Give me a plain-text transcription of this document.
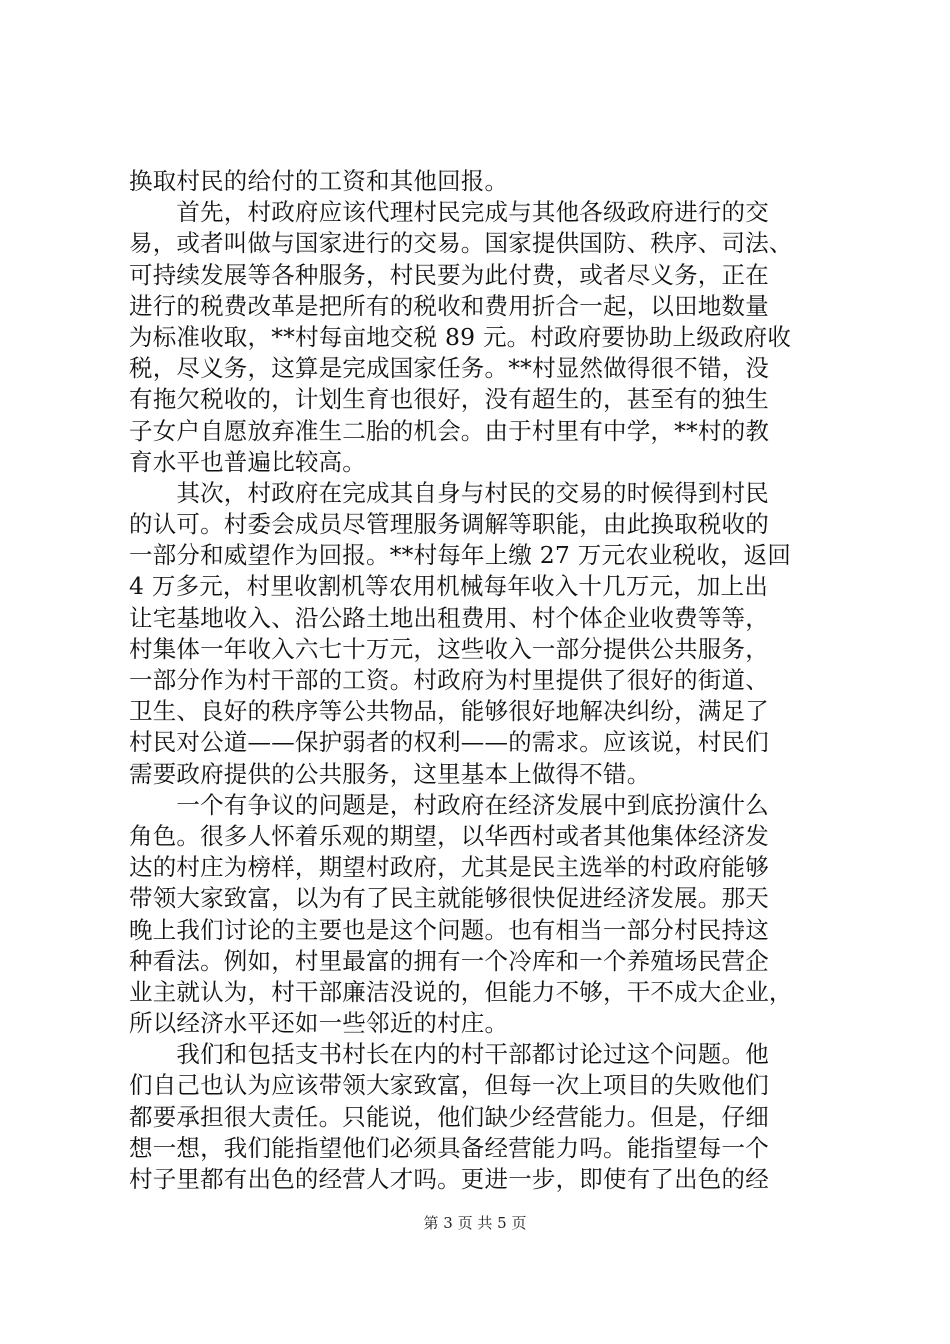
换取村民的给付的工资和其他回报。
　　首先，村政府应该代理村民完成与其他各级政府进行的交
易，或者叫做与国家进行的交易。国家提供国防、秩序、司法、
可持续发展等各种服务，村民要为此付费，或者尽义务，正在
进行的税费改革是把所有的税收和费用折合一起，以田地数量
为标准收取，**村每亩地交税 89 元。村政府要协助上级政府收
税，尽义务，这算是完成国家任务。**村显然做得很不错，没
有拖欠税收的，计划生育也很好，没有超生的，甚至有的独生
子女户自愿放弃准生二胎的机会。由于村里有中学，**村的教
育水平也普遍比较高。
　　其次，村政府在完成其自身与村民的交易的时候得到村民
的认可。村委会成员尽管理服务调解等职能，由此换取税收的
一部分和威望作为回报。**村每年上缴 27 万元农业税收，返回
4 万多元，村里收割机等农用机械每年收入十几万元，加上出
让宅基地收入、沿公路土地出租费用、村个体企业收费等等，
村集体一年收入六七十万元，这些收入一部分提供公共服务，
一部分作为村干部的工资。村政府为村里提供了很好的街道、
卫生、良好的秩序等公共物品，能够很好地解决纠纷，满足了
村民对公道——保护弱者的权利——的需求。应该说，村民们
需要政府提供的公共服务，这里基本上做得不错。
　　一个有争议的问题是，村政府在经济发展中到底扮演什么
角色。很多人怀着乐观的期望，以华西村或者其他集体经济发
达的村庄为榜样，期望村政府，尤其是民主选举的村政府能够
带领大家致富，以为有了民主就能够很快促进经济发展。那天
晚上我们讨论的主要也是这个问题。也有相当一部分村民持这
种看法。例如，村里最富的拥有一个冷库和一个养殖场民营企
业主就认为，村干部廉洁没说的，但能力不够，干不成大企业，
所以经济水平还如一些邻近的村庄。
　　我们和包括支书村长在内的村干部都讨论过这个问题。他
们自己也认为应该带领大家致富，但每一次上项目的失败他们
都要承担很大责任。只能说，他们缺少经营能力。但是，仔细
想一想，我们能指望他们必须具备经营能力吗。能指望每一个
村子里都有出色的经营人才吗。更进一步，即使有了出色的经
第 3 页 共 5 页
